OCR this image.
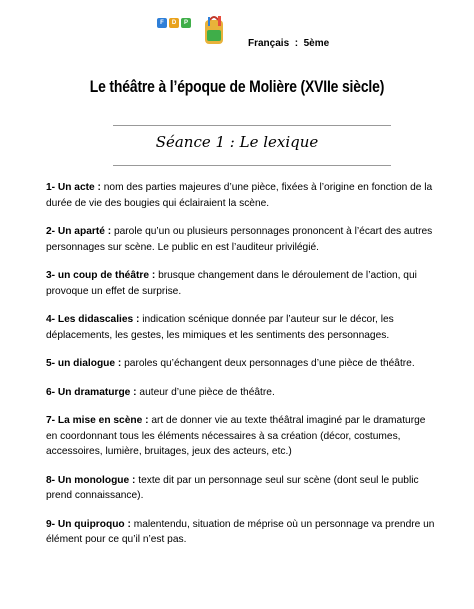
F	D	P
Français  :  5ème
Le théâtre à l’époque de Molière (XVIIe siècle)
Séance 1 : Le lexique

1- Un acte : nom des parties majeures d’une pièce, fixées à l’origine en fonction de la durée de vie des bougies qui éclairaient la scène.

2- Un aparté : parole qu’un ou plusieurs personnages prononcent à l’écart des autres personnages sur scène. Le public en est l’auditeur privilégié.

3- un coup de théâtre : brusque changement dans le déroulement de l’action, qui provoque un effet de surprise.

4- Les didascalies : indication scénique donnée par l’auteur sur le décor, les déplacements, les gestes, les mimiques et les sentiments des personnages.

5- un dialogue : paroles qu’échangent deux personnages d’une pièce de théâtre.

6- Un dramaturge : auteur d’une pièce de théâtre.

7- La mise en scène : art de donner vie au texte théâtral imaginé par le dramaturge en coordonnant tous les éléments nécessaires à sa création (décor, costumes, accessoires, lumière, bruitages, jeux des acteurs, etc.)

8- Un monologue : texte dit par un personnage seul sur scène (dont seul le public prend connaissance).

9- Un quiproquo : malentendu, situation de méprise où un personnage va prendre un élément pour ce qu’il n’est pas.
